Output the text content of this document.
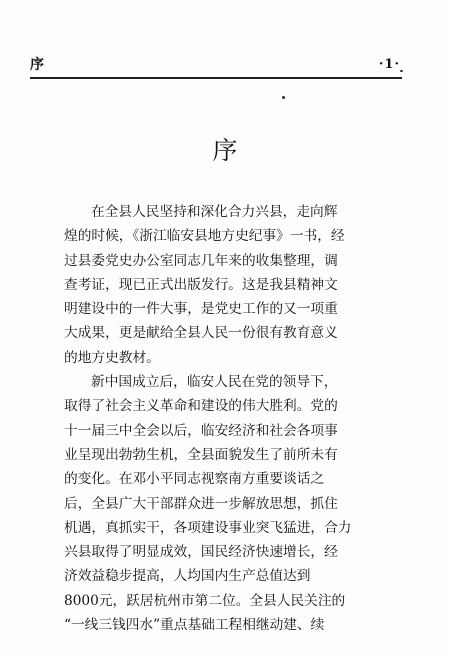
序	·1·
序
在全县人民坚持和深化合力兴县，走向辉
煌的时候，《浙江临安县地方史纪事》一书，经
过县委党史办公室同志几年来的收集整理，调
查考证，现已正式出版发行。这是我县精神文
明建设中的一件大事，是党史工作的又一项重
大成果，更是献给全县人民一份很有教育意义
的地方史教材。
新中国成立后，临安人民在党的领导下，
取得了社会主义革命和建设的伟大胜利。党的
十一届三中全会以后，临安经济和社会各项事
业呈现出勃勃生机，全县面貌发生了前所未有
的变化。在邓小平同志视察南方重要谈话之
后，全县广大干部群众进一步解放思想，抓住
机遇，真抓实干，各项建设事业突飞猛进，合力
兴县取得了明显成效，国民经济快速增长，经
济效益稳步提高，人均国内生产总值达到
8000元，跃居杭州市第二位。全县人民关注的
“一线三钱四水”重点基础工程相继动建、续
